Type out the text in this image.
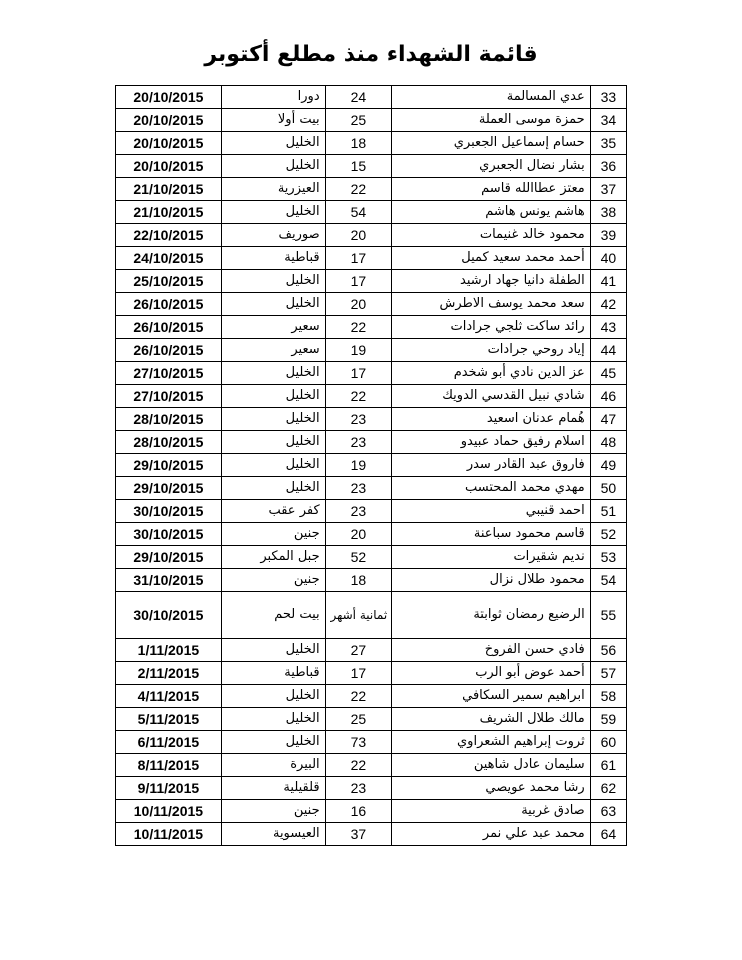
قائمة الشهداء منذ مطلع أكتوبر
20/10/2015	دورا	24	عدي المسالمة	33
20/10/2015	بيت أولا	25	حمزة موسى العملة	34
20/10/2015	الخليل	18	حسام إسماعيل الجعبري	35
20/10/2015	الخليل	15	بشار نضال الجعبري	36
21/10/2015	العيزرية	22	معتز عطاالله قاسم	37
21/10/2015	الخليل	54	هاشم يونس هاشم	38
22/10/2015	صوريف	20	محمود خالد غنيمات	39
24/10/2015	قباطية	17	أحمد محمد سعيد كميل	40
25/10/2015	الخليل	17	الطفلة دانيا جهاد ارشيد	41
26/10/2015	الخليل	20	سعد محمد يوسف الاطرش	42
26/10/2015	سعير	22	رائد ساكت ثلجي جرادات	43
26/10/2015	سعير	19	إياد روحي جرادات	44
27/10/2015	الخليل	17	عز الدين نادي أبو شخدم	45
27/10/2015	الخليل	22	شادي نبيل القدسي الدويك	46
28/10/2015	الخليل	23	هُمام عدنان اسعيد	47
28/10/2015	الخليل	23	اسلام رفيق حماد عبيدو	48
29/10/2015	الخليل	19	فاروق عبد القادر سدر	49
29/10/2015	الخليل	23	مهدي محمد المحتسب	50
30/10/2015	كفر عقب	23	احمد قنيبي	51
30/10/2015	جنين	20	قاسم محمود سباعنة	52
29/10/2015	جبل المكبر	52	نديم شقيرات	53
31/10/2015	جنين	18	محمود طلال نزال	54
30/10/2015	بيت لحم	ثمانية أشهر	الرضيع رمضان ثوابتة	55
1/11/2015	الخليل	27	فادي حسن الفروخ	56
2/11/2015	قباطية	17	أحمد عوض أبو الرب	57
4/11/2015	الخليل	22	ابراهيم سمير السكافي	58
5/11/2015	الخليل	25	مالك طلال الشريف	59
6/11/2015	الخليل	73	ثروت إبراهيم الشعراوي	60
8/11/2015	البيرة	22	سليمان عادل شاهين	61
9/11/2015	قلقيلية	23	رشا محمد عويصي	62
10/11/2015	جنين	16	صادق غربية	63
10/11/2015	العيسوية	37	محمد عبد علي نمر	64
